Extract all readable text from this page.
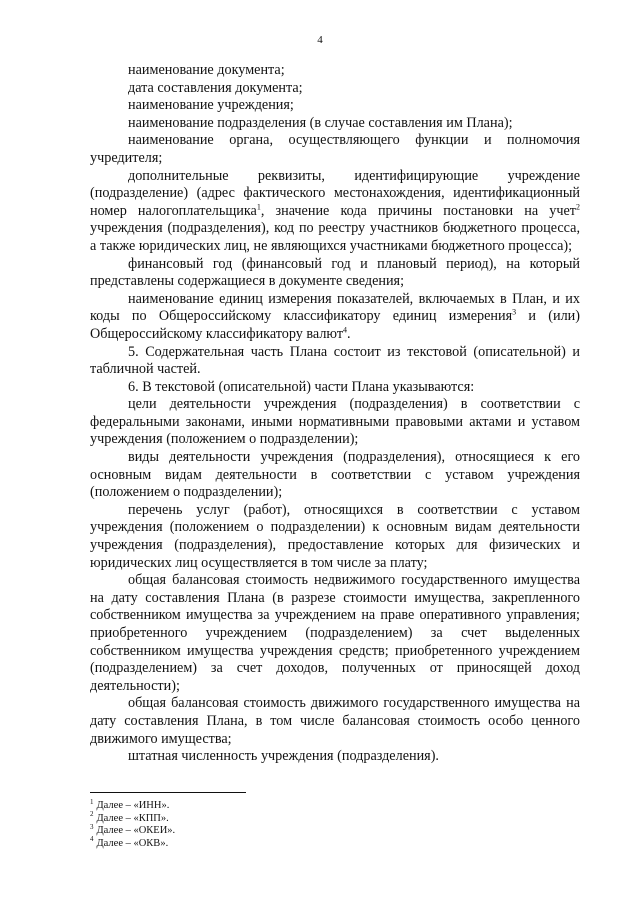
4

наименование документа;

дата составления документа;

наименование учреждения;

наименование подразделения (в случае составления им Плана);

наименование органа, осуществляющего функции и полномочия учредителя;

дополнительные реквизиты, идентифицирующие учреждение (подразделение) (адрес фактического местонахождения, идентификационный номер налогоплательщика$^1$, значение кода причины постановки на учет$^2$ учреждения (подразделения), код по реестру участников бюджетного процесса, а также юридических лиц, не являющихся участниками бюджетного процесса);

финансовый год (финансовый год и плановый период), на который представлены содержащиеся в документе сведения;

наименование единиц измерения показателей, включаемых в План, и их коды по Общероссийскому классификатору единиц измерения$^3$ и (или) Общероссийскому классификатору валют$^4$.

5. Содержательная часть Плана состоит из текстовой (описательной) и табличной частей.

6. В текстовой (описательной) части Плана указываются:

цели деятельности учреждения (подразделения) в соответствии с федеральными законами, иными нормативными правовыми актами и уставом учреждения (положением о подразделении);

виды деятельности учреждения (подразделения), относящиеся к его основным видам деятельности в соответствии с уставом учреждения (положением о подразделении);

перечень услуг (работ), относящихся в соответствии с уставом учреждения (положением о подразделении) к основным видам деятельности учреждения (подразделения), предоставление которых для физических и юридических лиц осуществляется в том числе за плату;

общая балансовая стоимость недвижимого государственного имущества на дату составления Плана (в разрезе стоимости имущества, закрепленного собственником имущества за учреждением на праве оперативного управления; приобретенного учреждением (подразделением) за счет выделенных собственником имущества учреждения средств; приобретенного учреждением (подразделением) за счет доходов, полученных от приносящей доход деятельности);

общая балансовая стоимость движимого государственного имущества на дату составления Плана, в том числе балансовая стоимость особо ценного движимого имущества;

штатная численность учреждения (подразделения).

$^1$ Далее – «ИНН».
$^2$ Далее – «КПП».
$^3$ Далее – «ОКЕИ».
$^4$ Далее – «ОКВ».
